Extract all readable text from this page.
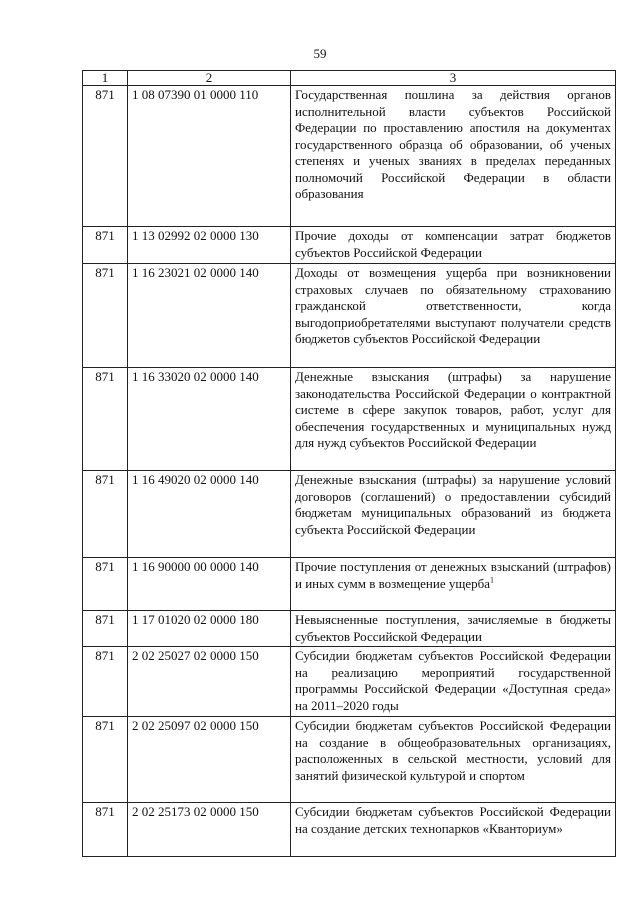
59
1	2	3
871	1 08 07390 01 0000 110	Государственная пошлина за действия органов исполнительной власти субъектов Российской Федерации по проставлению апостиля на документах государственного образца об образовании, об ученых степенях и ученых званиях в пределах переданных полномочий Российской Федерации в области образования
871	1 13 02992 02 0000 130	Прочие доходы от компенсации затрат бюджетов субъектов Российской Федерации
871	1 16 23021 02 0000 140	Доходы от возмещения ущерба при возникновении страховых случаев по обязательному страхованию гражданской ответственности, когда выгодоприобретателями выступают получатели средств бюджетов субъектов Российской Федерации
871	1 16 33020 02 0000 140	Денежные взыскания (штрафы) за нарушение законодательства Российской Федерации о контрактной системе в сфере закупок товаров, работ, услуг для обеспечения государственных и муниципальных нужд для нужд субъектов Российской Федерации
871	1 16 49020 02 0000 140	Денежные взыскания (штрафы) за нарушение условий договоров (соглашений) о предоставлении субсидий бюджетам муниципальных образований из бюджета субъекта Российской Федерации
871	1 16 90000 00 0000 140	Прочие поступления от денежных взысканий (штрафов) и иных сумм в возмещение ущерба$^1$
871	1 17 01020 02 0000 180	Невыясненные поступления, зачисляемые в бюджеты субъектов Российской Федерации
871	2 02 25027 02 0000 150	Субсидии бюджетам субъектов Российской Федерации на реализацию мероприятий государственной программы Российской Федерации «Доступная среда» на 2011–2020 годы
871	2 02 25097 02 0000 150	Субсидии бюджетам субъектов Российской Федерации на создание в общеобразовательных организациях, расположенных в сельской местности, условий для занятий физической культурой и спортом
871	2 02 25173 02 0000 150	Субсидии бюджетам субъектов Российской Федерации на создание детских технопарков «Кванториум»
